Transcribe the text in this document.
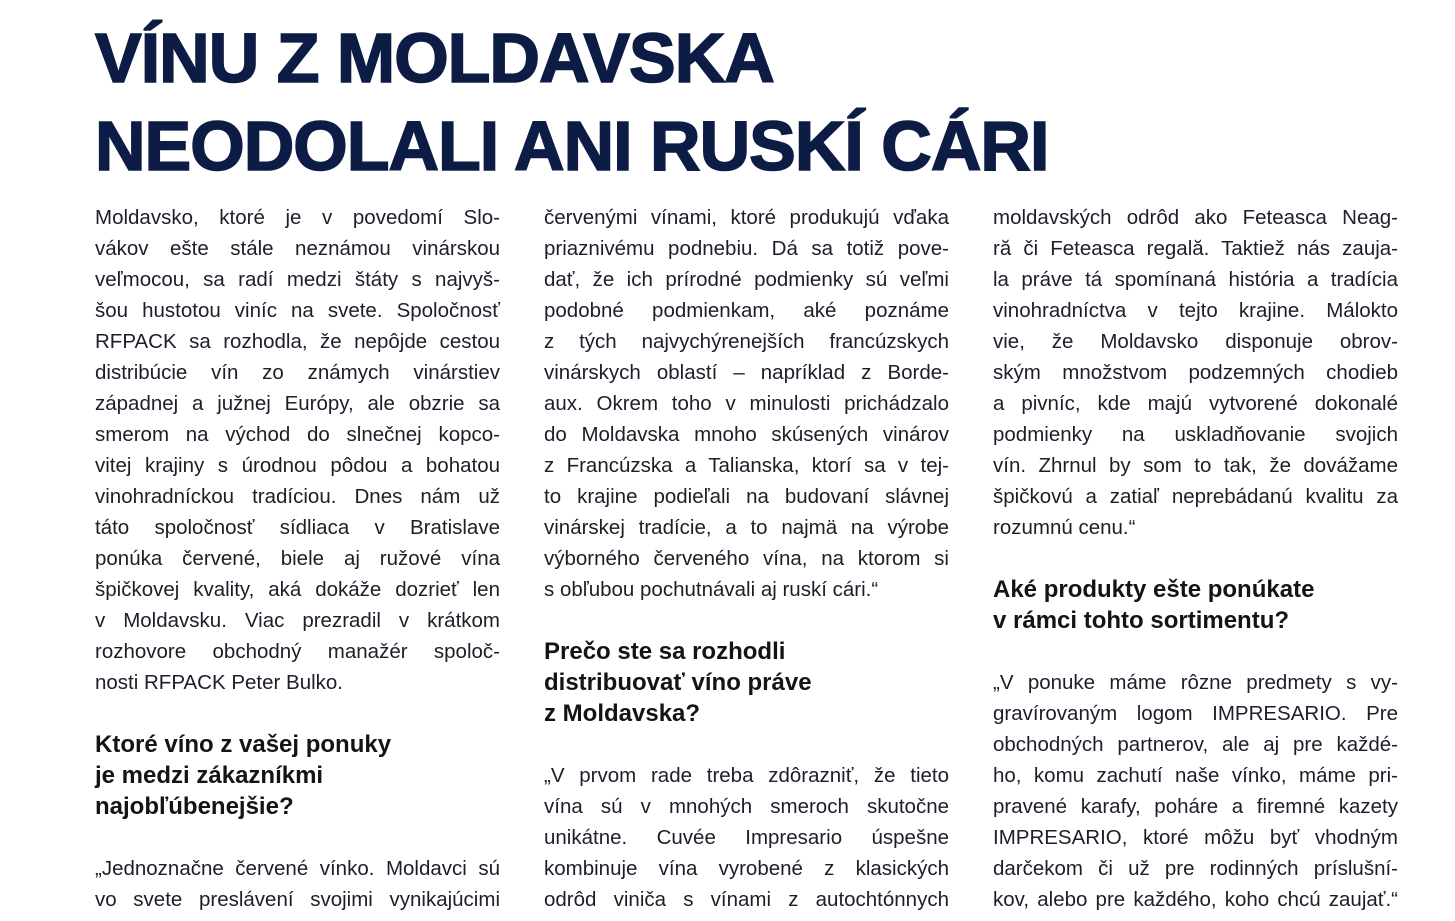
VÍNU Z MOLDAVSKA
NEODOLALI ANI RUSKÍ CÁRI

Moldavsko, ktoré je v povedomí Slo-
vákov ešte stále neznámou vinárskou
veľmocou, sa radí medzi štáty s najvyš-
šou hustotou viníc na svete. Spoločnosť
RFPACK sa rozhodla, že nepôjde cestou
distribúcie vín zo známych vinárstiev
západnej a južnej Európy, ale obzrie sa
smerom na východ do slnečnej kopco-
vitej krajiny s úrodnou pôdou a bohatou
vinohradníckou tradíciou. Dnes nám už
táto spoločnosť sídliaca v Bratislave
ponúka červené, biele aj ružové vína
špičkovej kvality, aká dokáže dozrieť len
v Moldavsku. Viac prezradil v krátkom
rozhovore obchodný manažér spoloč-
nosti RFPACK Peter Bulko.

Ktoré víno z vašej ponuky
je medzi zákazníkmi
najobľúbenejšie?

„Jednoznačne červené vínko. Moldavci sú
vo svete preslávení svojimi vynikajúcimi

červenými vínami, ktoré produkujú vďaka
priaznivému podnebiu. Dá sa totiž pove-
dať, že ich prírodné podmienky sú veľmi
podobné podmienkam, aké poznáme
z tých najvychýrenejších francúzskych
vinárskych oblastí – napríklad z Borde-
aux. Okrem toho v minulosti prichádzalo
do Moldavska mnoho skúsených vinárov
z Francúzska a Talianska, ktorí sa v tej-
to krajine podieľali na budovaní slávnej
vinárskej tradície, a to najmä na výrobe
výborného červeného vína, na ktorom si
s obľubou pochutnávali aj ruskí cári.“

Prečo ste sa rozhodli
distribuovať víno práve
z Moldavska?

„V prvom rade treba zdôrazniť, že tieto
vína sú v mnohých smeroch skutočne
unikátne. Cuvée Impresario úspešne
kombinuje vína vyrobené z klasických
odrôd viniča s vínami z autochtónnych

moldavských odrôd ako Feteasca Neag-
ră či Feteasca regală. Taktiež nás zauja-
la práve tá spomínaná história a tradícia
vinohradníctva v tejto krajine. Málokto
vie, že Moldavsko disponuje obrov-
ským množstvom podzemných chodieb
a pivníc, kde majú vytvorené dokonalé
podmienky na uskladňovanie svojich
vín. Zhrnul by som to tak, že dovážame
špičkovú a zatiaľ neprebádanú kvalitu za
rozumnú cenu.“

Aké produkty ešte ponúkate
v rámci tohto sortimentu?

„V ponuke máme rôzne predmety s vy-
gravírovaným logom IMPRESARIO. Pre
obchodných partnerov, ale aj pre každé-
ho, komu zachutí naše vínko, máme pri-
pravené karafy, poháre a firemné kazety
IMPRESARIO, ktoré môžu byť vhodným
darčekom či už pre rodinných príslušní-
kov, alebo pre každého, koho chcú zaujať.“
